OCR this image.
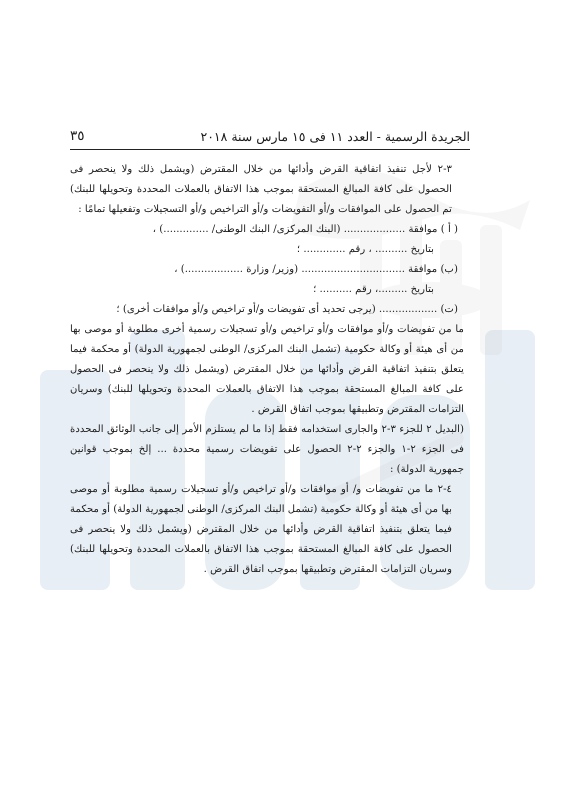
الجريدة الرسمية - العدد ١١ فى ١٥ مارس سنة ٢٠١٨
٣٥

٣-٢ لأجل تنفيذ اتفاقية القرض وأدائها من خلال المقترض (ويشمل ذلك ولا ينحصر فى الحصول على كافة المبالغ المستحقة بموجب هذا الاتفاق بالعملات المحددة وتحويلها للبنك) تم الحصول على الموافقات و/أو التفويضات و/أو التراخيص و/أو التسجيلات وتفعيلها تمامًا :

( أ ) موافقة ................... (البنك المركزى/ البنك الوطنى/ ..............) ،

بتاريخ .......... ، رقم ............. ؛

(ب) موافقة ................................ (وزير/ وزارة ..................) ،

بتاريخ .........، رقم .......... ؛

(ت) .................. (يرجى تحديد أى تفويضات و/أو تراخيص و/أو موافقات أخرى) ؛

ما من تفويضات و/أو موافقات و/أو تراخيص و/أو تسجيلات رسمية أخرى مطلوبة أو موصى بها من أى هيئة أو وكالة حكومية (تشمل البنك المركزى/ الوطنى لجمهورية الدولة) أو محكمة فيما يتعلق بتنفيذ اتفاقية القرض وأدائها من خلال المقترض (ويشمل ذلك ولا ينحصر فى الحصول على كافة المبالغ المستحقة بموجب هذا الاتفاق بالعملات المحددة وتحويلها للبنك) وسريان التزامات المقترض وتطبيقها بموجب اتفاق القرض .

(البديل ٢ للجزء ٣-٢ والجارى استخدامه فقط إذا ما لم يستلزم الأمر إلى جانب الوثائق المحددة فى الجزء ٢-١ والجزء ٢-٢ الحصول على تفويضات رسمية محددة ... إلخ بموجب قوانين جمهورية الدولة) :

٤-٢ ما من تفويضات و/ أو موافقات و/أو تراخيص و/أو تسجيلات رسمية مطلوبة أو موصى بها من أى هيئة أو وكالة حكومية (تشمل البنك المركزى/ الوطنى لجمهورية الدولة) أو محكمة فيما يتعلق بتنفيذ اتفاقية القرض وأدائها من خلال المقترض (ويشمل ذلك ولا ينحصر فى الحصول على كافة المبالغ المستحقة بموجب هذا الاتفاق بالعملات المحددة وتحويلها للبنك) وسريان التزامات المقترض وتطبيقها بموجب اتفاق القرض .
